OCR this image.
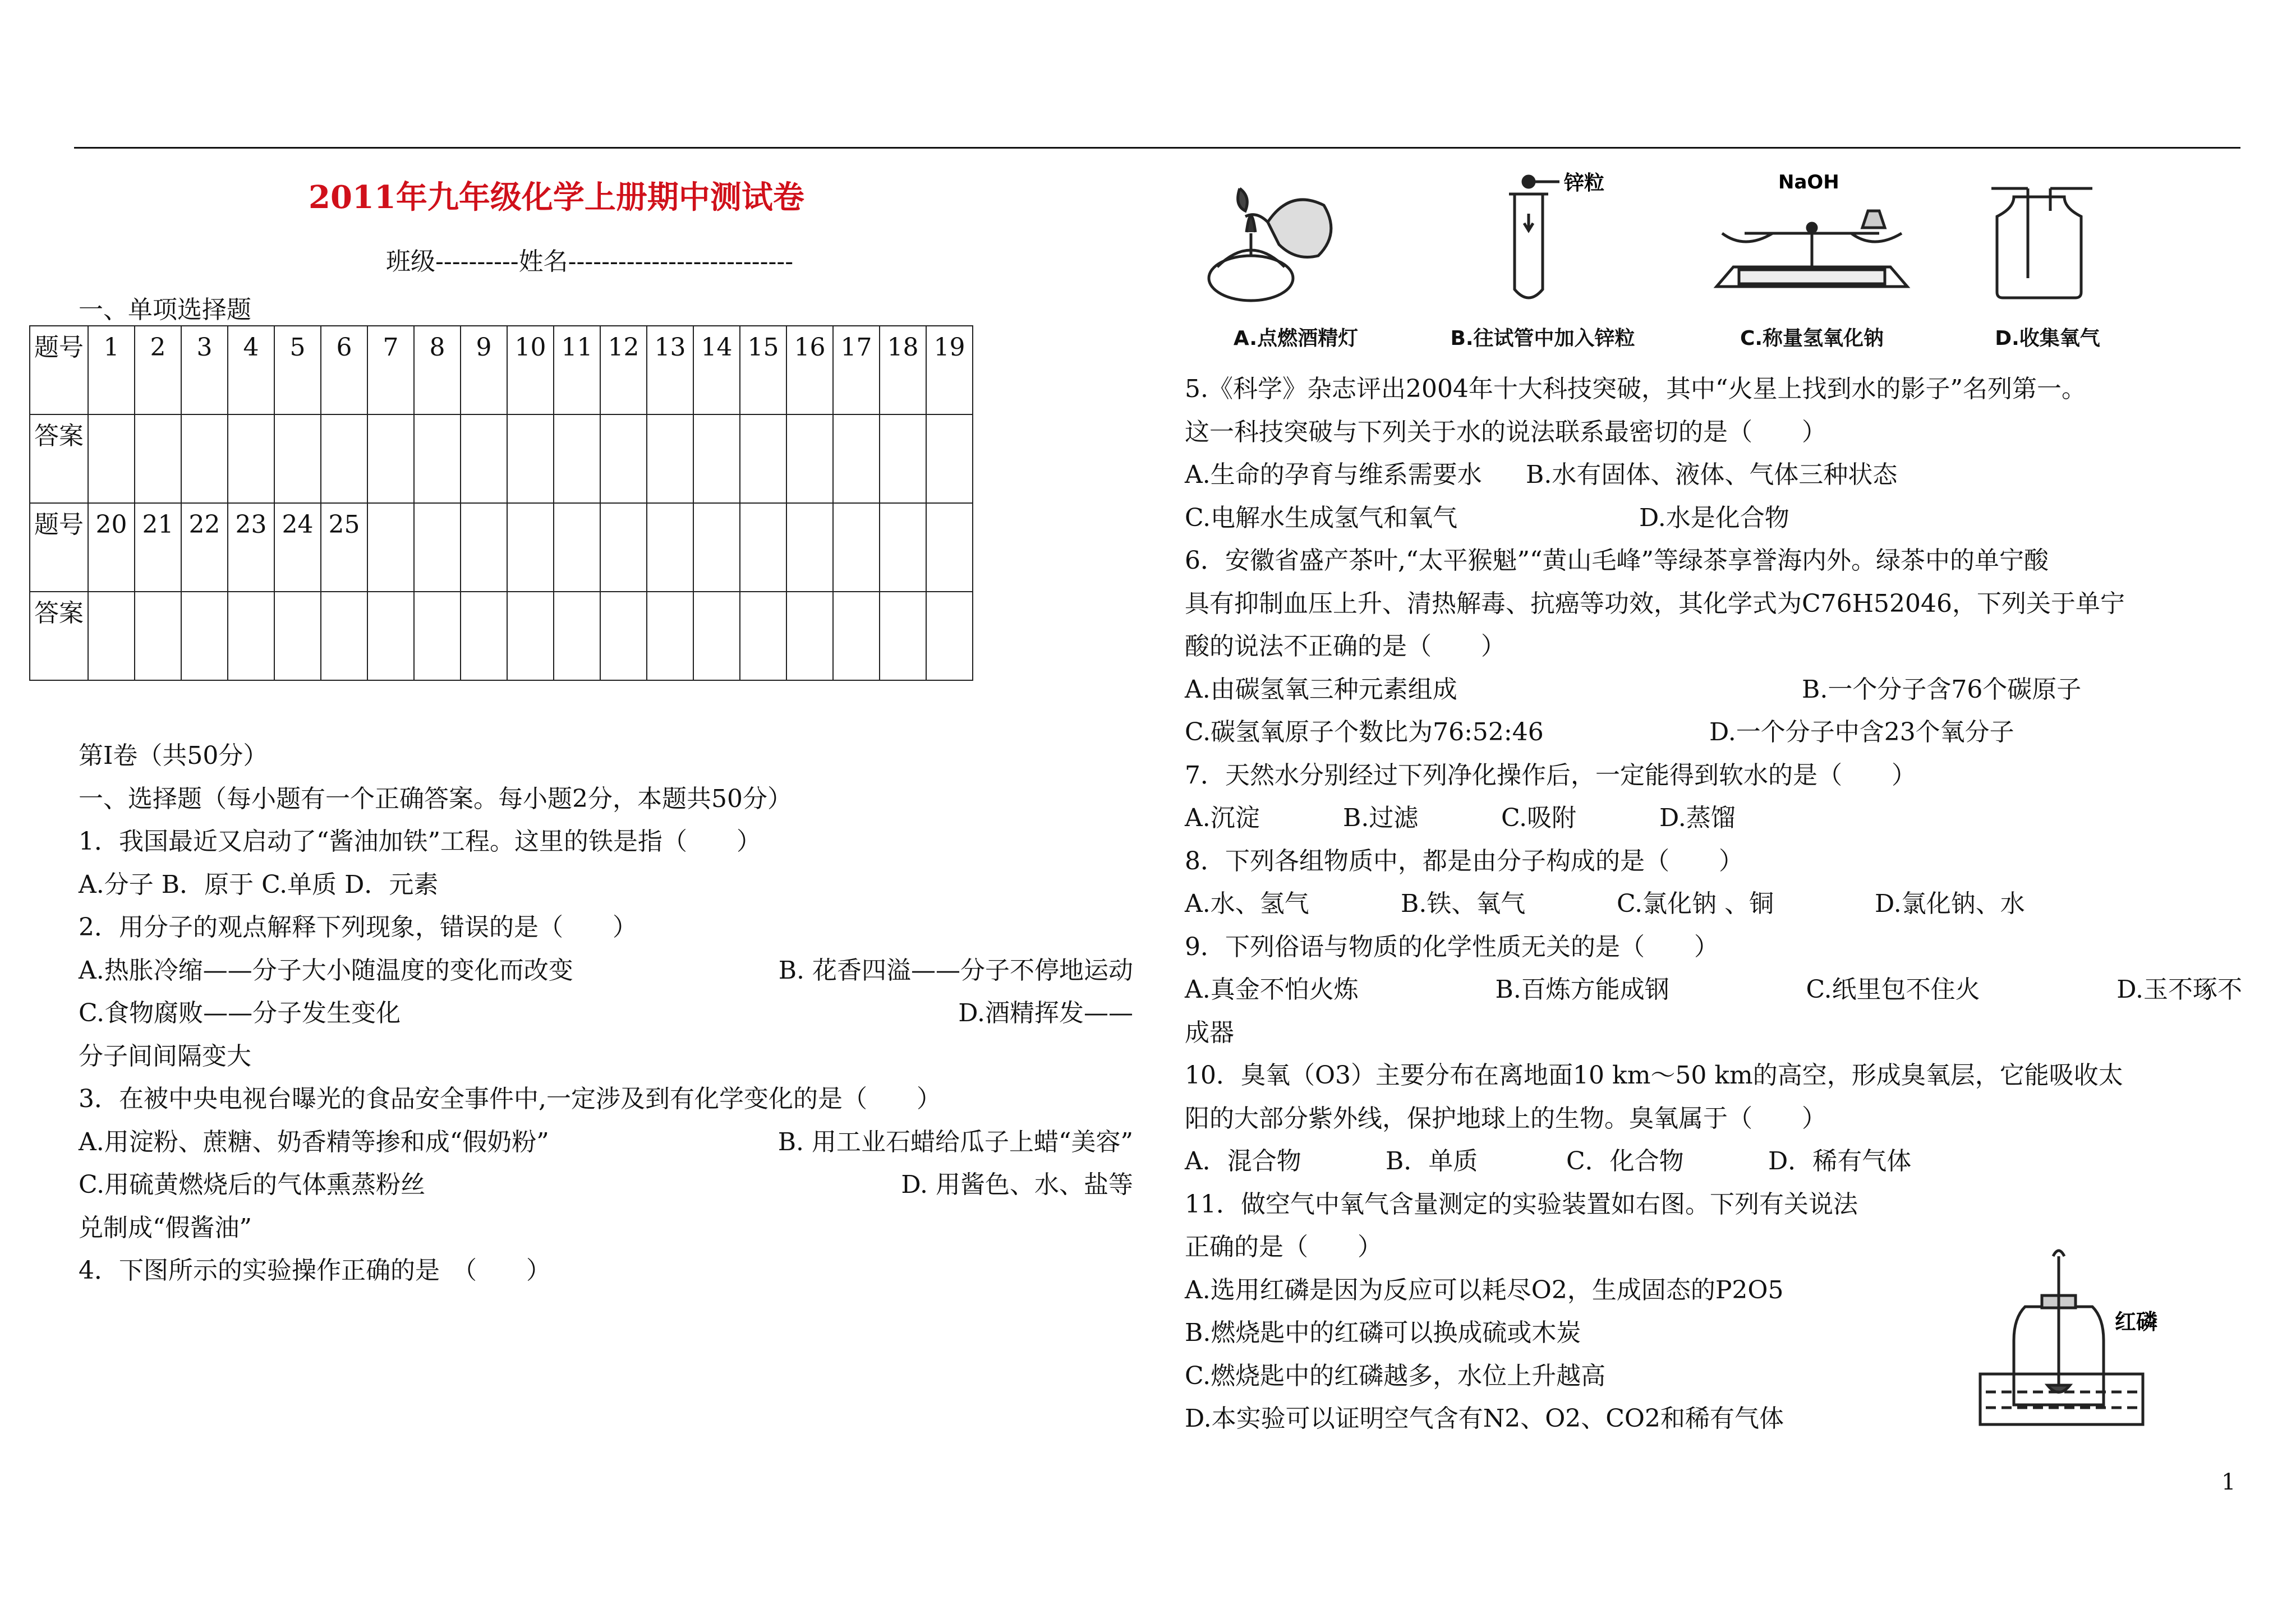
2011年九年级化学上册期中测试卷
班级----------姓名---------------------------
一、单项选择题
题号	1	2	3	4	5	6	7	8	9	10	11	12	13	14	15	16	17	18	19
答案																			
题号	20	21	22	23	24	25													
答案																			

第Ⅰ卷（共50分）

一、选择题（每小题有一个正确答案。每小题2分，本题共50分）

1．我国最近又启动了“酱油加铁”工程。这里的铁是指（　　）

A.分子 B．原于 C.单质 D．元素

2．用分子的观点解释下列现象，错误的是（　　）

A.热胀冷缩——分子大小随温度的变化而改变	B. 花香四溢——分子不停地运动
C.食物腐败——分子发生变化	D.酒精挥发——

分子间间隔变大

3．在被中央电视台曝光的食品安全事件中,一定涉及到有化学变化的是（　　）

A.用淀粉、蔗糖、奶香精等掺和成“假奶粉”	B. 用工业石蜡给瓜子上蜡“美容”
C.用硫黄燃烧后的气体熏蒸粉丝	D. 用酱色、水、盐等

兑制成“假酱油”

4．下图所示的实验操作正确的是　（　　）

A.点燃酒精灯
锌粒
B.往试管中加入锌粒
NaOH
C.称量氢氧化钠	D.收集氧气

5.《科学》杂志评出2004年十大科技突破，其中“火星上找到水的影子”名列第一。

这一科技突破与下列关于水的说法联系最密切的是（　　）

A.生命的孕育与维系需要水	B.水有固体、液体、气体三种状态
C.电解水生成氢气和氧气	D.水是化合物

6．安徽省盛产茶叶,“太平猴魁”“黄山毛峰”等绿茶享誉海内外。绿茶中的单宁酸

具有抑制血压上升、清热解毒、抗癌等功效，其化学式为C76H52046，下列关于单宁

酸的说法不正确的是（　　）

A.由碳氢氧三种元素组成	B.一个分子含76个碳原子
C.碳氢氧原子个数比为76:52:46	D.一个分子中含23个氧分子

7．天然水分别经过下列净化操作后，一定能得到软水的是（　　）

A.沉淀	B.过滤	C.吸附	D.蒸馏

8．下列各组物质中，都是由分子构成的是（　　）

A.水、氢气	B.铁、氧气	C.氯化钠 、铜	D.氯化钠、水

9．下列俗语与物质的化学性质无关的是（　　）

A.真金不怕火炼	B.百炼方能成钢	C.纸里包不住火	D.玉不琢不

成器

10．臭氧（O3）主要分布在离地面10 km～50 km的高空，形成臭氧层，它能吸收太

阳的大部分紫外线，保护地球上的生物。臭氧属于（　　）

A．混合物	B．单质	C．化合物	D．稀有气体

11．做空气中氧气含量测定的实验装置如右图。下列有关说法

正确的是（　　）

A.选用红磷是因为反应可以耗尽O2，生成固态的P2O5

B.燃烧匙中的红磷可以换成硫或木炭

C.燃烧匙中的红磷越多，水位上升越高

D.本实验可以证明空气含有N2、O2、CO2和稀有气体

红磷
1
